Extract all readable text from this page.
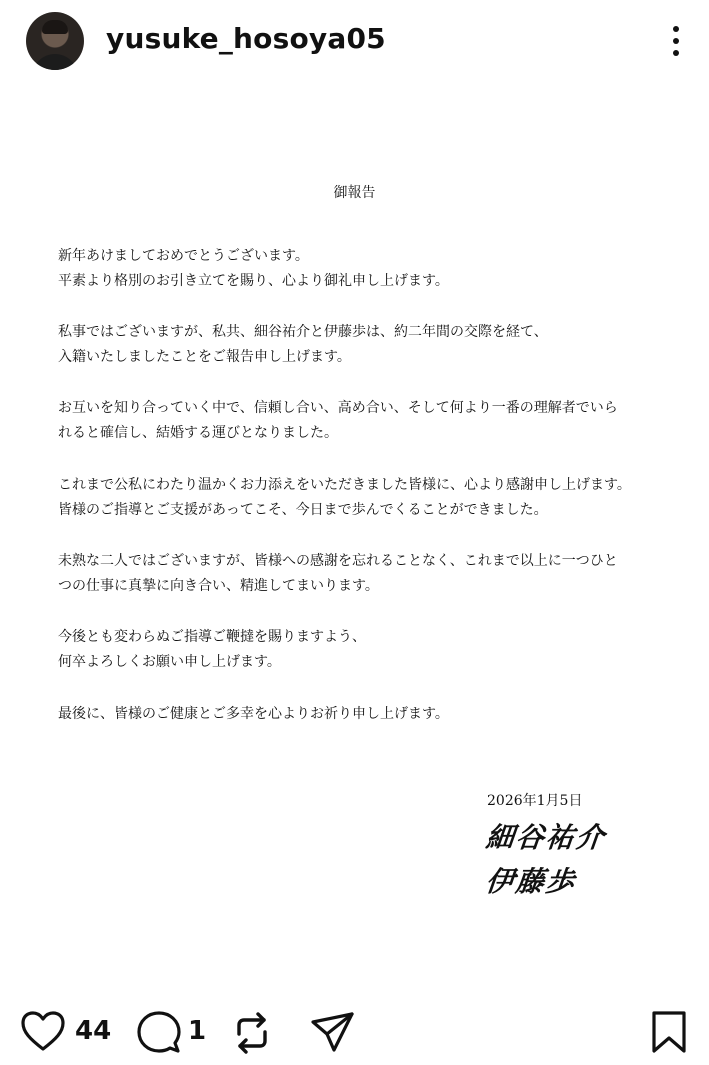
yusuke_hosoya05
御報告
新年あけましておめでとうございます。
平素より格別のお引き立てを賜り、心より御礼申し上げます。
私事ではございますが、私共、細谷祐介と伊藤歩は、約二年間の交際を経て、
入籍いたしましたことをご報告申し上げます。
お互いを知り合っていく中で、信頼し合い、高め合い、そして何より一番の理解者でいら
れると確信し、結婚する運びとなりました。
これまで公私にわたり温かくお力添えをいただきました皆様に、心より感謝申し上げます。
皆様のご指導とご支援があってこそ、今日まで歩んでくることができました。
未熟な二人ではございますが、皆様への感謝を忘れることなく、これまで以上に一つひと
つの仕事に真摯に向き合い、精進してまいります。
今後とも変わらぬご指導ご鞭撻を賜りますよう、
何卒よろしくお願い申し上げます。
最後に、皆様のご健康とご多幸を心よりお祈り申し上げます。
2026年1月5日
細谷祐介
伊藤歩
44	1
